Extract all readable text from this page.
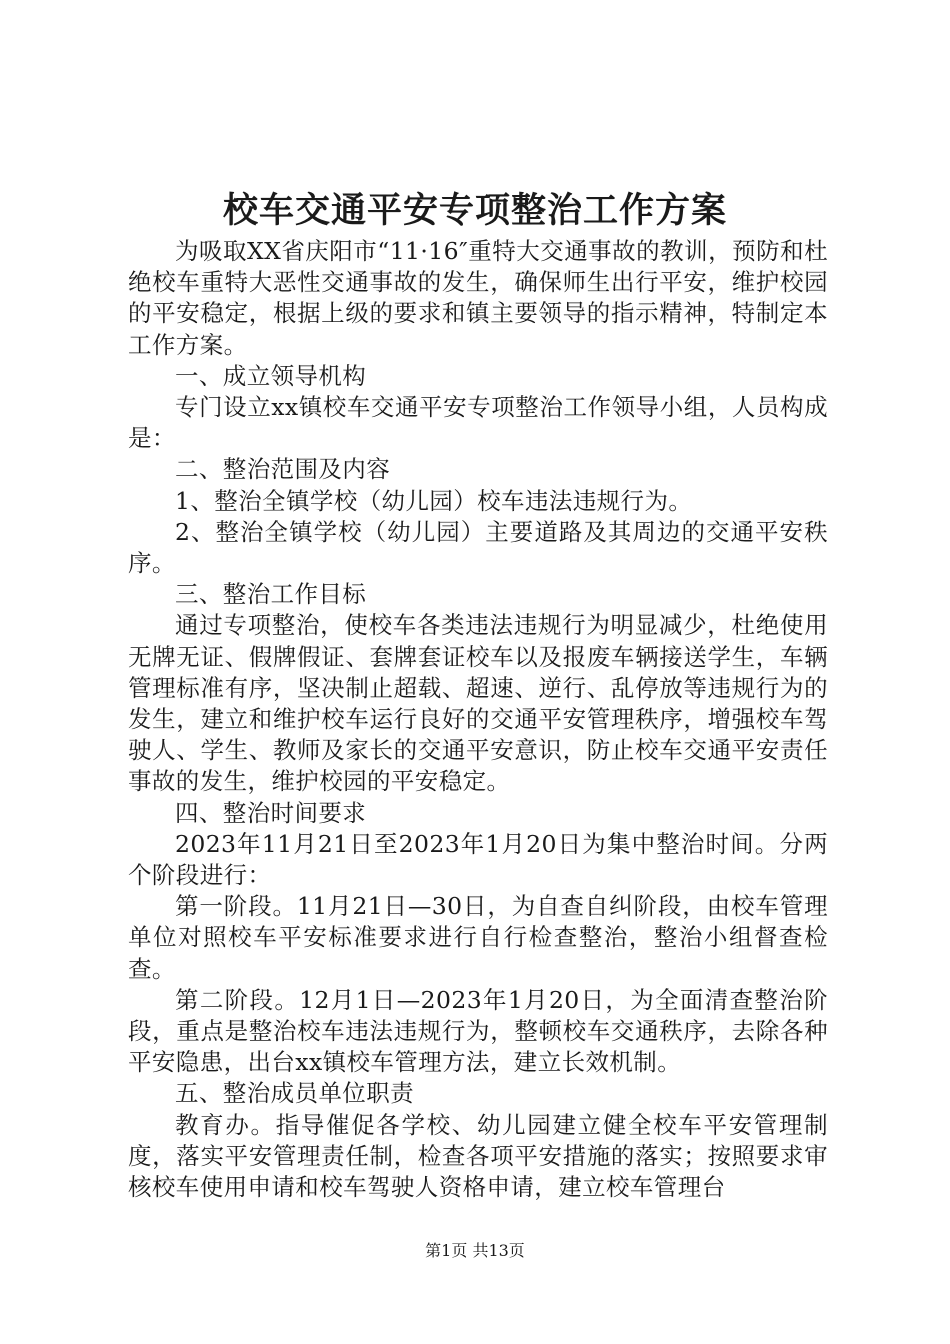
校车交通平安专项整治工作方案

为吸取XX省庆阳市“11·16″重特大交通事故的教训，预防和杜绝校车重特大恶性交通事故的发生，确保师生出行平安，维护校园的平安稳定，根据上级的要求和镇主要领导的指示精神，特制定本工作方案。

一、成立领导机构

专门设立xx镇校车交通平安专项整治工作领导小组，人员构成是：

二、整治范围及内容

1、整治全镇学校（幼儿园）校车违法违规行为。

2、整治全镇学校（幼儿园）主要道路及其周边的交通平安秩序。

三、整治工作目标

通过专项整治，使校车各类违法违规行为明显减少，杜绝使用无牌无证、假牌假证、套牌套证校车以及报废车辆接送学生，车辆管理标准有序，坚决制止超载、超速、逆行、乱停放等违规行为的发生，建立和维护校车运行良好的交通平安管理秩序，增强校车驾驶人、学生、教师及家长的交通平安意识，防止校车交通平安责任事故的发生，维护校园的平安稳定。

四、整治时间要求

2023年11月21日至2023年1月20日为集中整治时间。分两个阶段进行：

第一阶段。11月21日—30日，为自查自纠阶段，由校车管理单位对照校车平安标准要求进行自行检查整治，整治小组督查检查。

第二阶段。12月1日—2023年1月20日，为全面清查整治阶段，重点是整治校车违法违规行为，整顿校车交通秩序，去除各种平安隐患，出台xx镇校车管理方法，建立长效机制。

五、整治成员单位职责

教育办。指导催促各学校、幼儿园建立健全校车平安管理制度，落实平安管理责任制，检查各项平安措施的落实；按照要求审核校车使用申请和校车驾驶人资格申请，建立校车管理台

第1页 共13页
